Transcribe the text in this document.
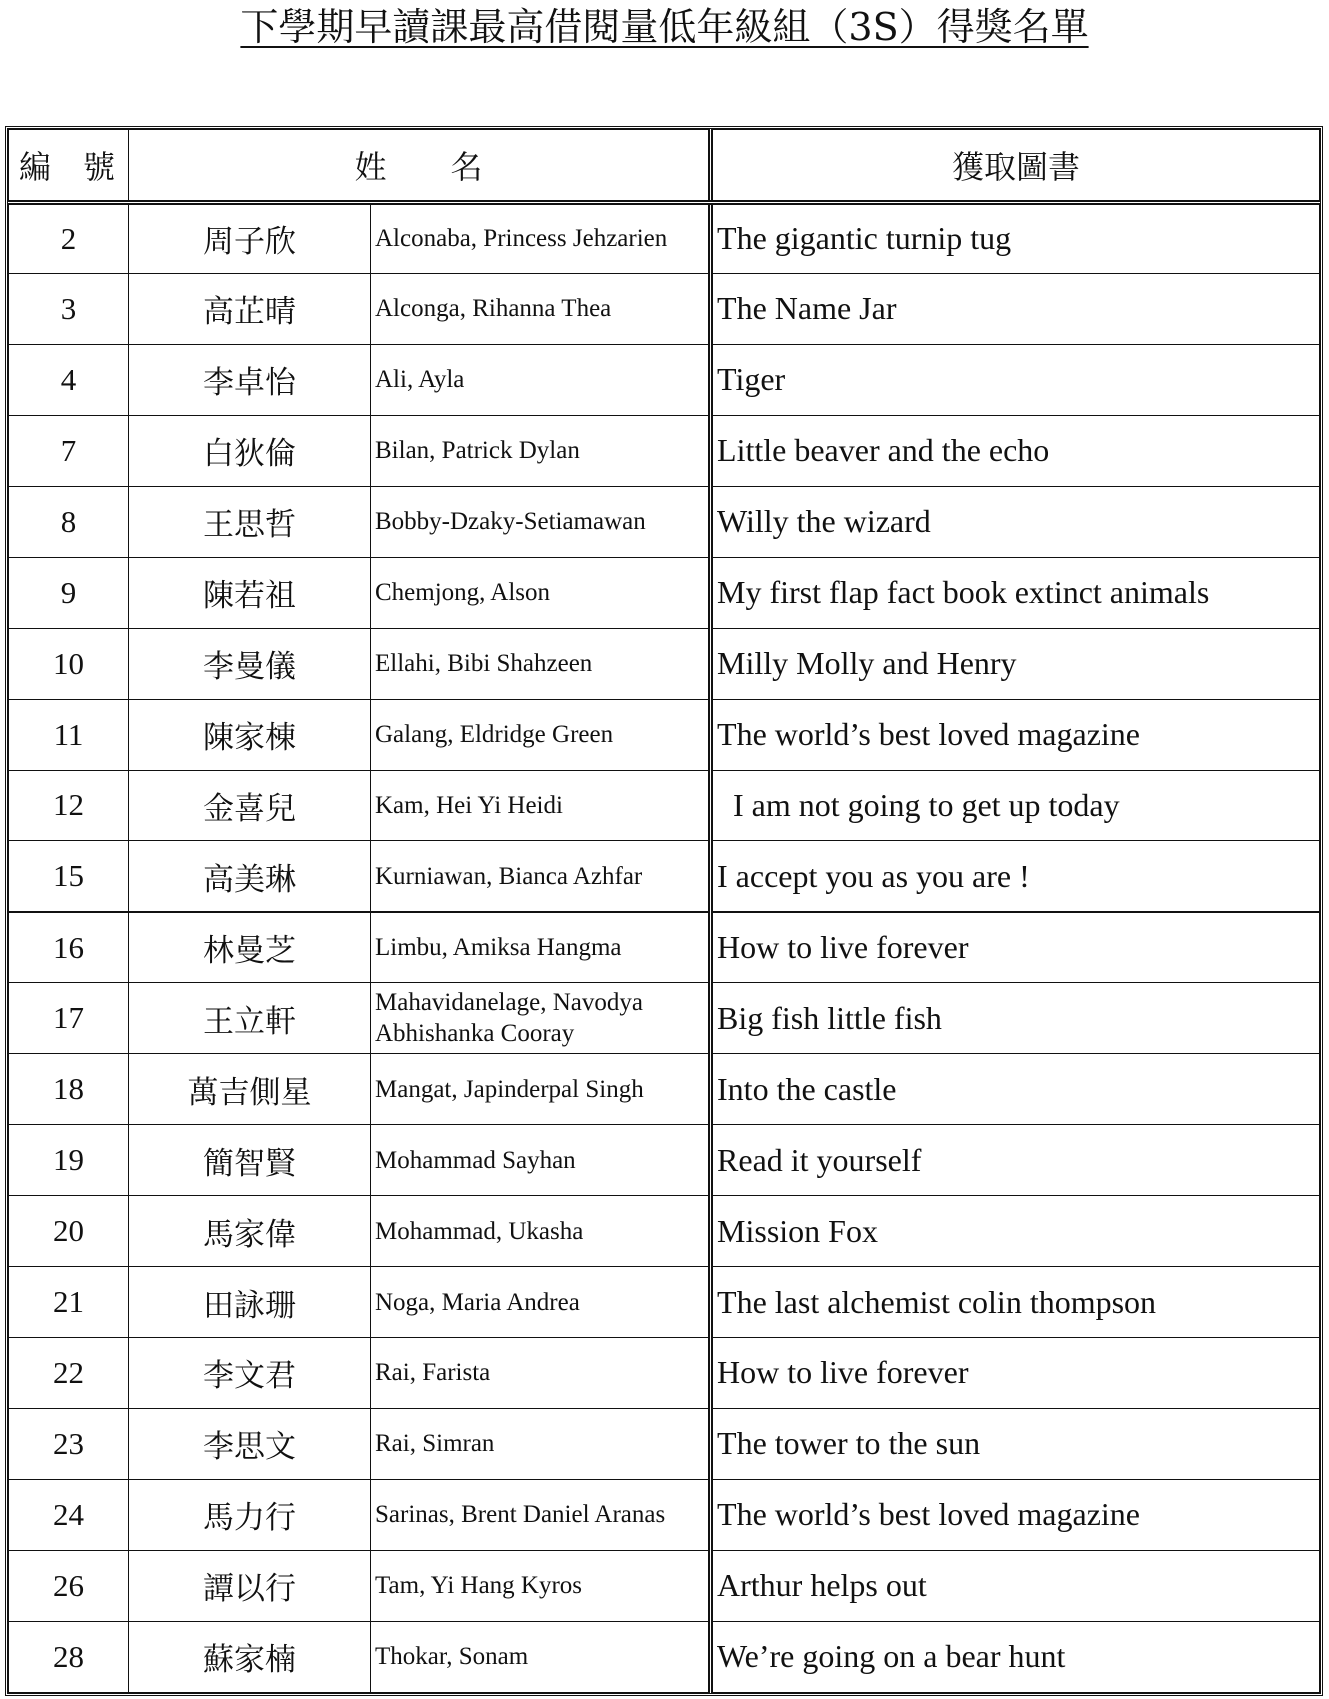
下學期早讀課最高借閱量低年級組（3S）得獎名單
編　號	姓　　名		獲取圖書
2	周子欣	Alconaba, Princess Jehzarien	The gigantic turnip tug
3	高芷晴	Alconga, Rihanna Thea	The Name Jar
4	李卓怡	Ali, Ayla	Tiger
7	白狄倫	Bilan, Patrick Dylan	Little beaver and the echo
8	王思哲	Bobby-Dzaky-Setiamawan	Willy the wizard
9	陳若祖	Chemjong, Alson	My first flap fact book extinct animals
10	李曼儀	Ellahi, Bibi Shahzeen	Milly Molly and Henry
11	陳家棟	Galang, Eldridge Green	The world’s best loved magazine
12	金喜兒	Kam, Hei Yi Heidi	I am not going to get up today
15	高美琳	Kurniawan, Bianca Azhfar	I accept you as you are !
16	林曼芝	Limbu, Amiksa Hangma	How to live forever
17	王立軒	Mahavidanelage, Navodya Abhishanka Cooray	Big fish little fish
18	萬吉側星	Mangat, Japinderpal Singh	Into the castle
19	簡智賢	Mohammad Sayhan	Read it yourself
20	馬家偉	Mohammad, Ukasha	Mission Fox
21	田詠珊	Noga, Maria Andrea	The last alchemist colin thompson
22	李文君	Rai, Farista	How to live forever
23	李思文	Rai, Simran	The tower to the sun
24	馬力行	Sarinas, Brent Daniel Aranas	The world’s best loved magazine
26	譚以行	Tam, Yi Hang Kyros	Arthur helps out
28	蘇家楠	Thokar, Sonam	We’re going on a bear hunt
